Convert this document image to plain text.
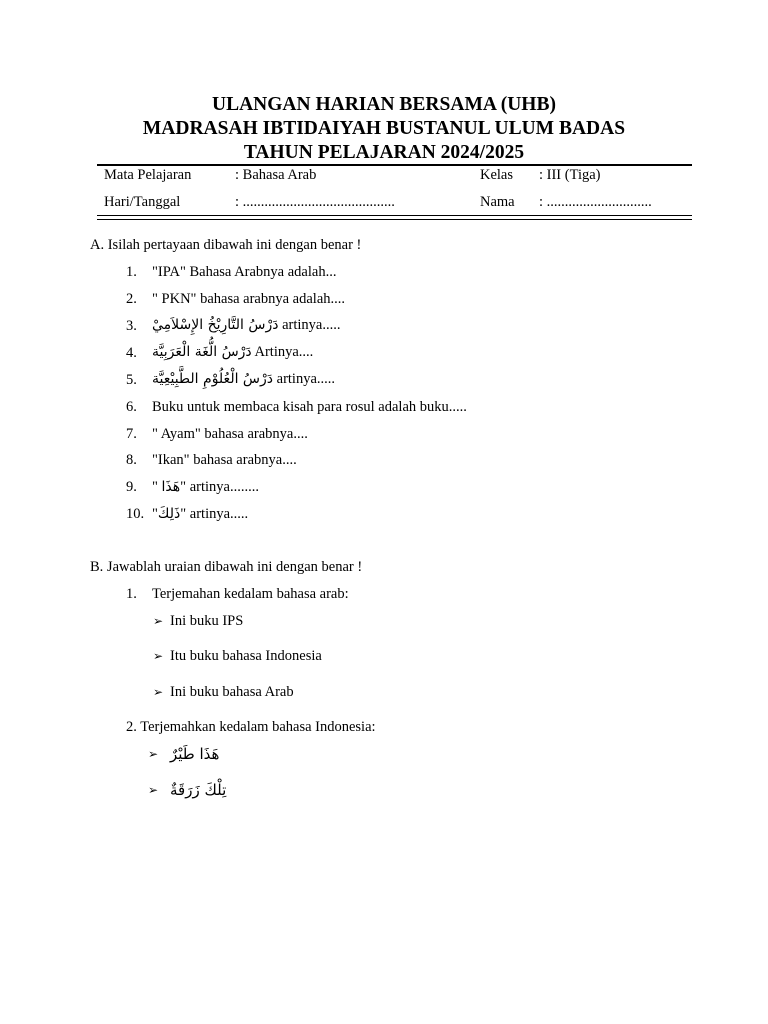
ULANGAN HARIAN BERSAMA (UHB)
MADRASAH IBTIDAIYAH BUSTANUL ULUM BADAS
TAHUN PELAJARAN 2024/2025
Mata Pelajaran	: Bahasa Arab	Kelas : III (Tiga)
Hari/Tanggal	: ..........................................	Nama : .............................
A. Isilah pertayaan dibawah ini dengan benar !
1. "IPA" Bahasa Arabnya adalah...
2. " PKN" bahasa arabnya adalah....
3. دَرْسُ التَّارِيْخُ الإِسْلاَمِيْ artinya.....
4. دَرْسُ الُّغَة الْعَرَبِيَّة Artinya....
5. دَرْسُ الْعُلُوْمِ الطَّبِيْعِيَّة artinya.....
6. Buku untuk membaca kisah para rosul adalah buku.....
7. " Ayam" bahasa arabnya....
8. "Ikan" bahasa arabnya....
9. " هَذَا" artinya........
10. "ذَلِكَ" artinya.....
B. Jawablah uraian dibawah ini dengan benar !
1. Terjemahan kedalam bahasa arab:
➢ Ini buku IPS
➢ Itu buku bahasa Indonesia
➢ Ini buku bahasa Arab
2. Terjemahkan kedalam bahasa Indonesia:
➢ هَذَا طَيْرٌ
➢ تِلْكَ زَرَقَةٌ
